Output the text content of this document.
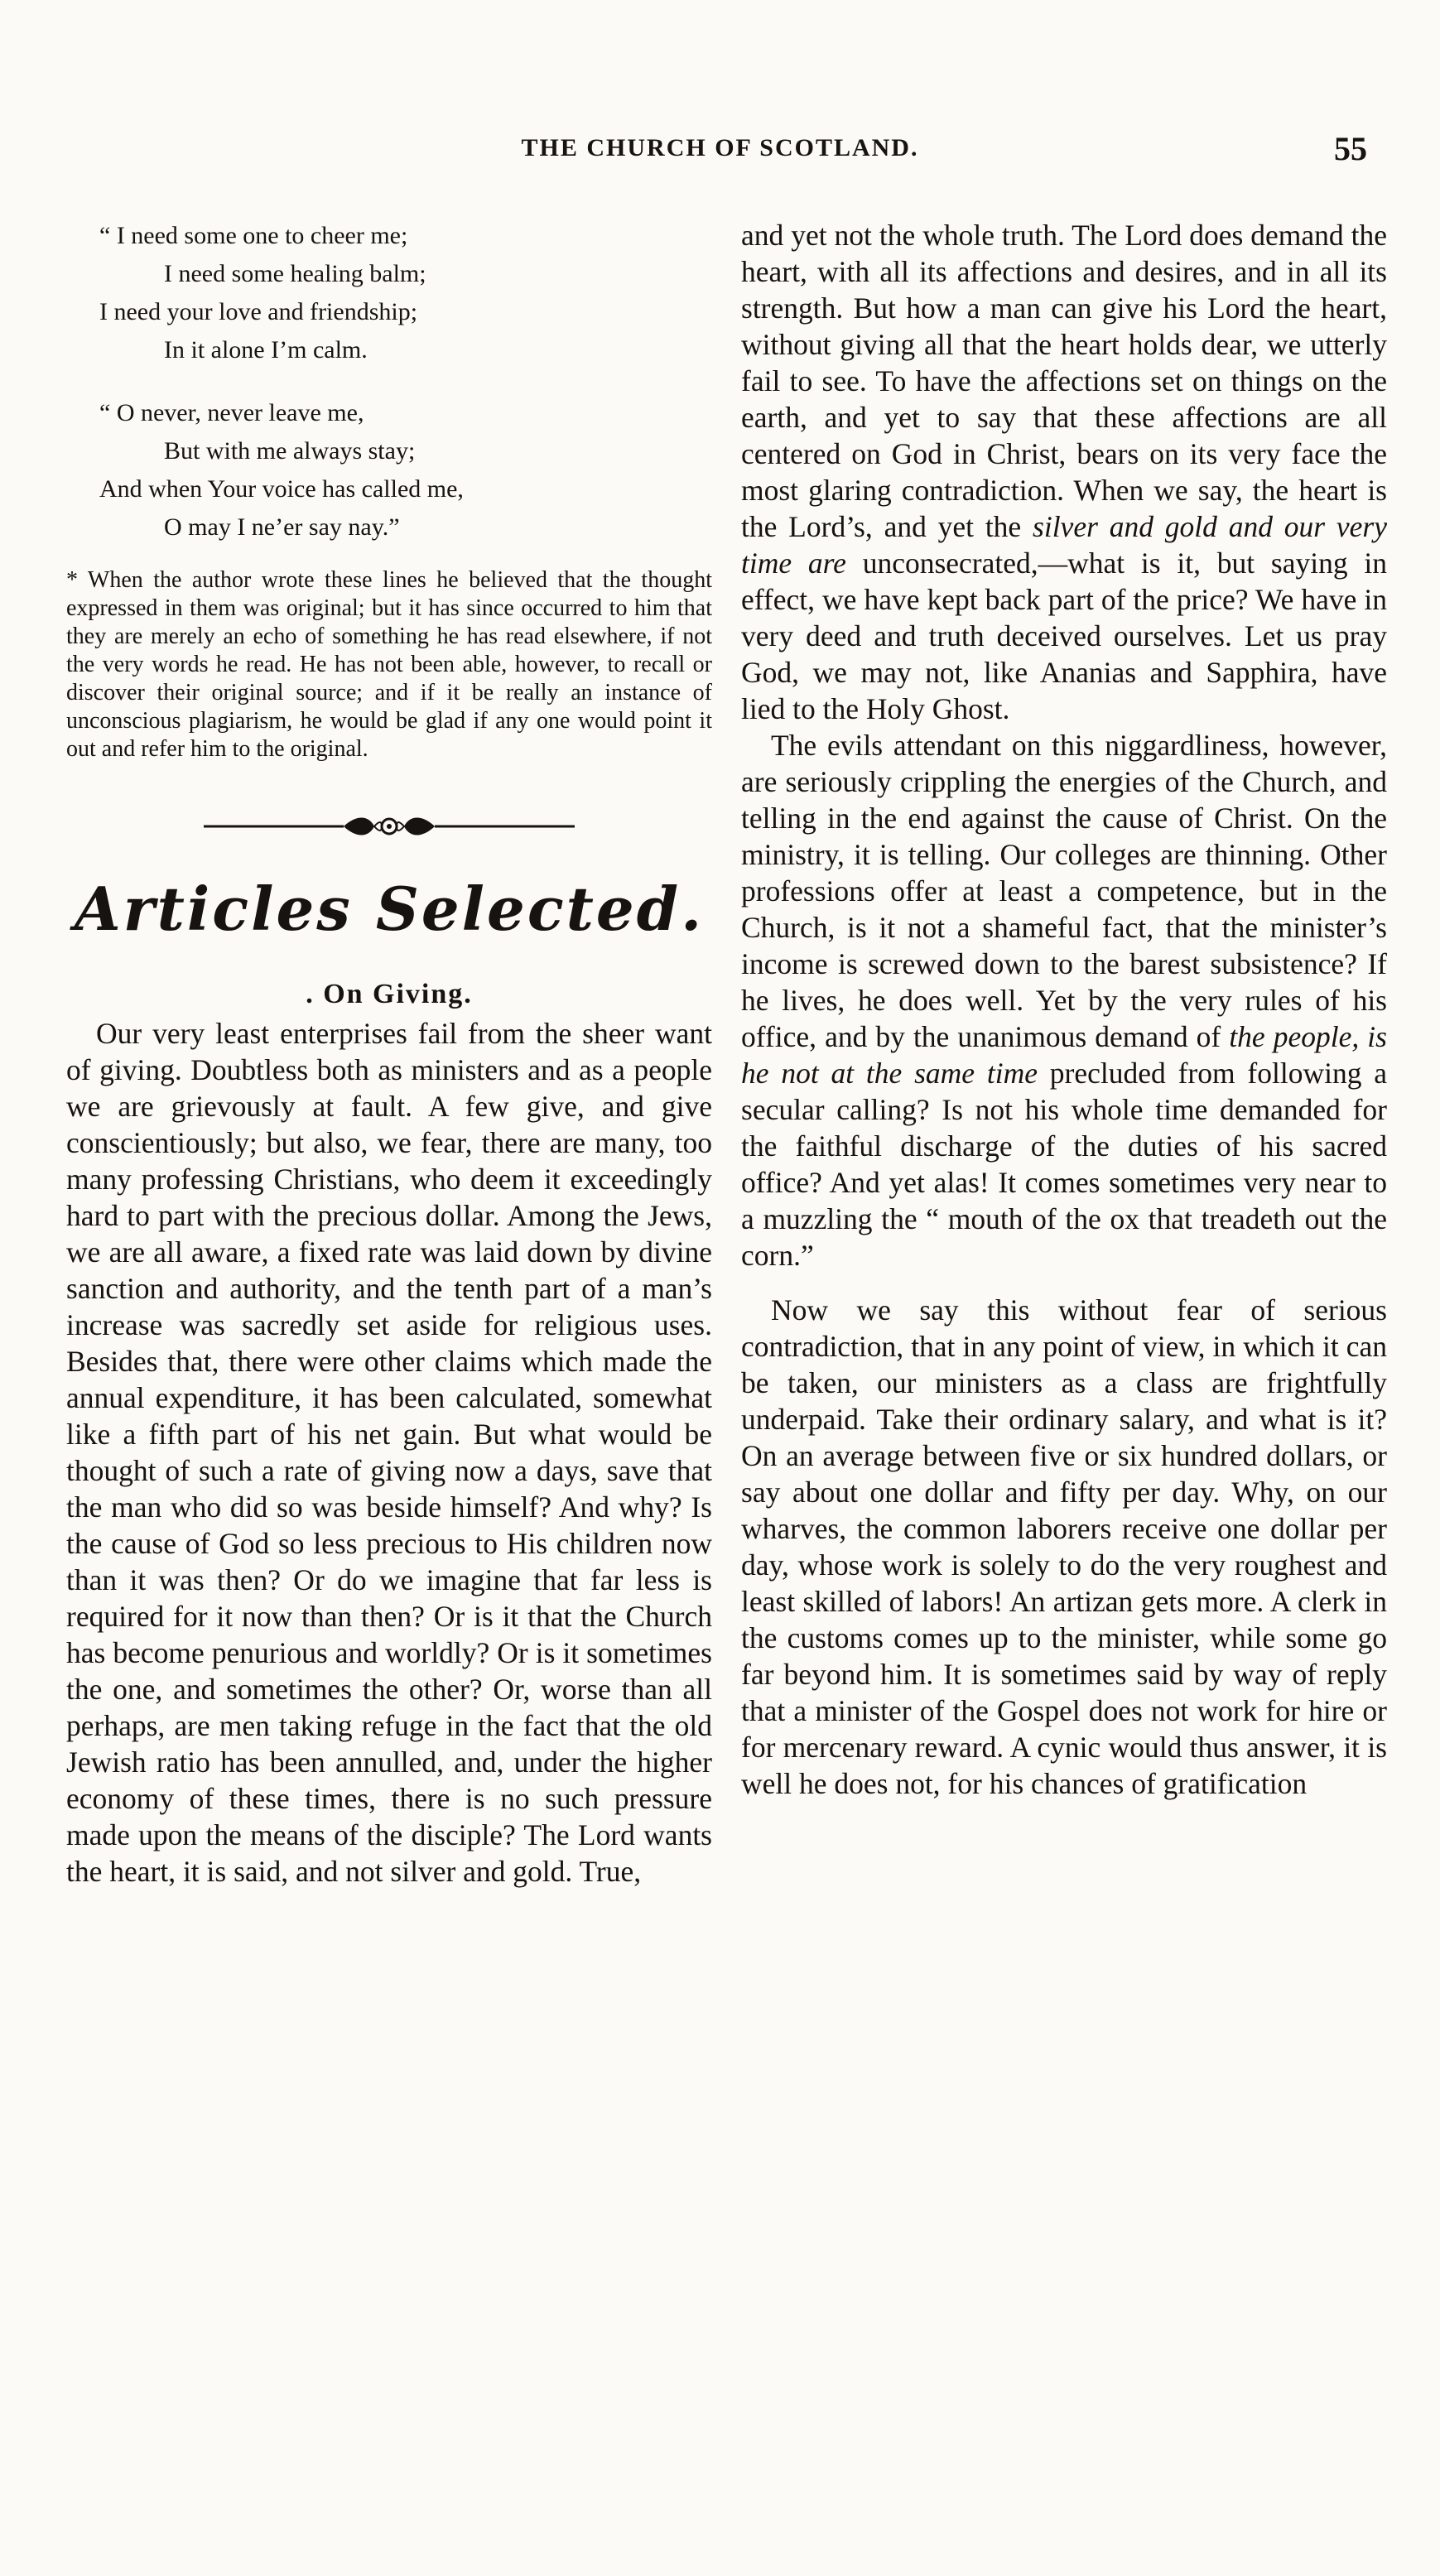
THE CHURCH OF SCOTLAND.	55
“ I need some one to cheer me;
I need some healing balm;
I need your love and friendship;
In it alone I’m calm.
“ O never, never leave me,
But with me always stay;
And when Your voice has called me,
O may I ne’er say nay.”
* When the author wrote these lines he believed that the thought expressed in them was original; but it has since occurred to him that they are merely an echo of something he has read elsewhere, if not the very words he read. He has not been able, however, to recall or discover their original source; and if it be really an instance of unconscious plagiarism, he would be glad if any one would point it out and refer him to the original.
Articles Selected.
. On Giving.

Our very least enterprises fail from the sheer want of giving. Doubtless both as ministers and as a people we are grievously at fault. A few give, and give conscientiously; but also, we fear, there are many, too many professing Christians, who deem it exceedingly hard to part with the precious dollar. Among the Jews, we are all aware, a fixed rate was laid down by divine sanction and authority, and the tenth part of a man’s increase was sacredly set aside for religious uses. Besides that, there were other claims which made the annual expenditure, it has been calculated, somewhat like a fifth part of his net gain. But what would be thought of such a rate of giving now a days, save that the man who did so was beside himself? And why? Is the cause of God so less precious to His children now than it was then? Or do we imagine that far less is required for it now than then? Or is it that the Church has become penurious and worldly? Or is it sometimes the one, and sometimes the other? Or, worse than all perhaps, are men taking refuge in the fact that the old Jewish ratio has been annulled, and, under the higher economy of these times, there is no such pressure made upon the means of the disciple? The Lord wants the heart, it is said, and not silver and gold. True,

and yet not the whole truth. The Lord does demand the heart, with all its affections and desires, and in all its strength. But how a man can give his Lord the heart, without giving all that the heart holds dear, we utterly fail to see. To have the affections set on things on the earth, and yet to say that these affections are all centered on God in Christ, bears on its very face the most glaring contradiction. When we say, the heart is the Lord’s, and yet the silver and gold and our very time are unconsecrated,—what is it, but saying in effect, we have kept back part of the price? We have in very deed and truth deceived ourselves. Let us pray God, we may not, like Ananias and Sapphira, have lied to the Holy Ghost.

The evils attendant on this niggardliness, however, are seriously crippling the energies of the Church, and telling in the end against the cause of Christ. On the ministry, it is telling. Our colleges are thinning. Other professions offer at least a competence, but in the Church, is it not a shameful fact, that the minister’s income is screwed down to the barest subsistence? If he lives, he does well. Yet by the very rules of his office, and by the unanimous demand of the people, is he not at the same time precluded from following a secular calling? Is not his whole time demanded for the faithful discharge of the duties of his sacred office? And yet alas! It comes sometimes very near to a muzzling the “ mouth of the ox that treadeth out the corn.”

Now we say this without fear of serious contradiction, that in any point of view, in which it can be taken, our ministers as a class are frightfully underpaid. Take their ordinary salary, and what is it? On an average between five or six hundred dollars, or say about one dollar and fifty per day. Why, on our wharves, the common laborers receive one dollar per day, whose work is solely to do the very roughest and least skilled of labors! An artizan gets more. A clerk in the customs comes up to the minister, while some go far beyond him. It is sometimes said by way of reply that a minister of the Gospel does not work for hire or for mercenary reward. A cynic would thus answer, it is well he does not, for his chances of gratification
